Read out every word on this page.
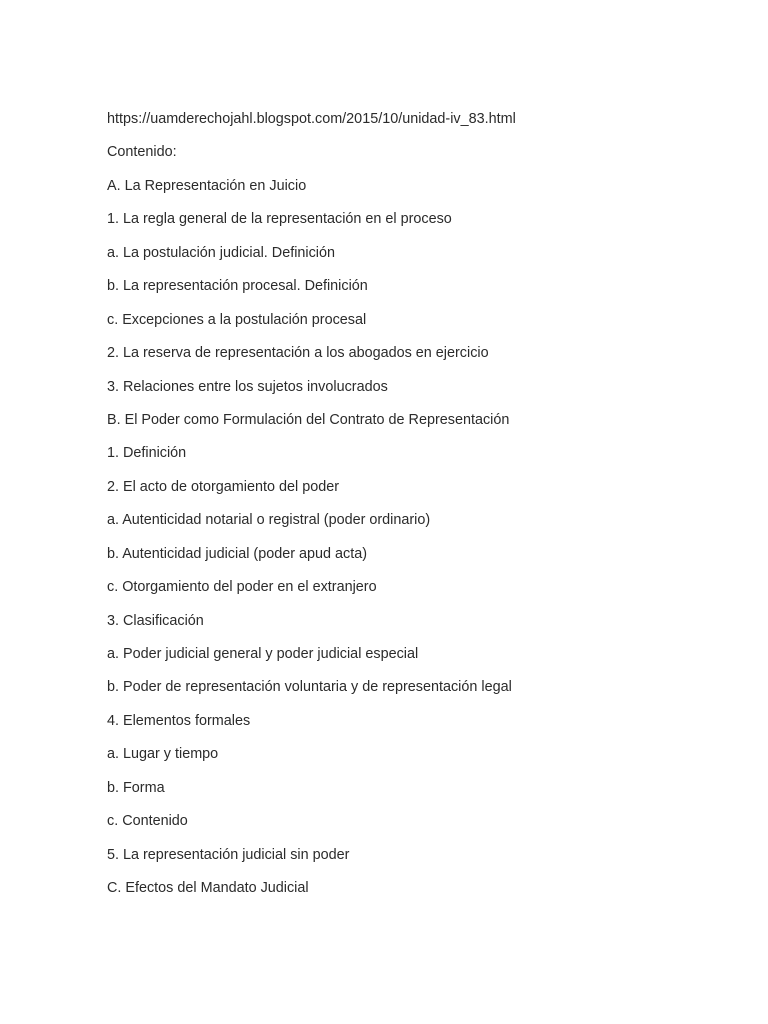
https://uamderechojahl.blogspot.com/2015/10/unidad-iv_83.html
Contenido:
A. La Representación en Juicio
1. La regla general de la representación en el proceso
a. La postulación judicial. Definición
b. La representación procesal. Definición
c. Excepciones a la postulación procesal
2. La reserva de representación a los abogados en ejercicio
3. Relaciones entre los sujetos involucrados
B. El Poder como Formulación del Contrato de Representación
1. Definición
2. El acto de otorgamiento del poder
a. Autenticidad notarial o registral (poder ordinario)
b. Autenticidad judicial (poder apud acta)
c. Otorgamiento del poder en el extranjero
3. Clasificación
a. Poder judicial general y poder judicial especial
b. Poder de representación voluntaria y de representación legal
4. Elementos formales
a. Lugar y tiempo
b. Forma
c. Contenido
5. La representación judicial sin poder
C. Efectos del Mandato Judicial
